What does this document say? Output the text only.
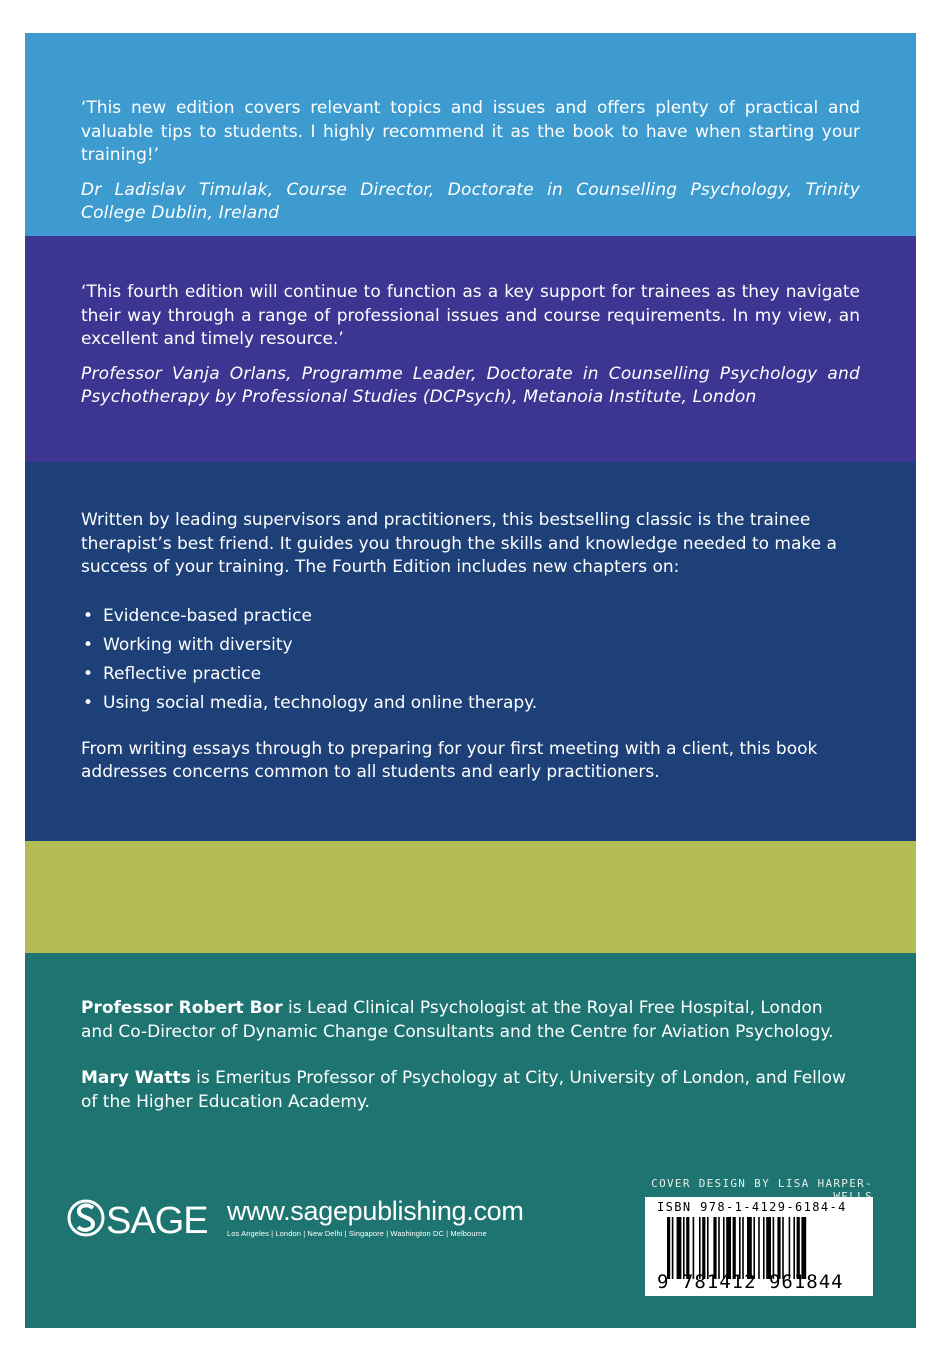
‘This new edition covers relevant topics and issues and offers plenty of practical and valuable tips to students. I highly recommend it as the book to have when starting your training!’

Dr Ladislav Timulak, Course Director, Doctorate in Counselling Psychology, Trinity College Dublin, Ireland

‘This fourth edition will continue to function as a key support for trainees as they navigate their way through a range of professional issues and course requirements. In my view, an excellent and timely resource.’

Professor Vanja Orlans, Programme Leader, Doctorate in Counselling Psychology and Psychotherapy by Professional Studies (DCPsych), Metanoia Institute, London

Written by leading supervisors and practitioners, this bestselling classic is the trainee therapist’s best friend. It guides you through the skills and knowledge needed to make a success of your training. The Fourth Edition includes new chapters on:

• Evidence-based practice
• Working with diversity
• Reflective practice
• Using social media, technology and online therapy.

From writing essays through to preparing for your first meeting with a client, this book addresses concerns common to all students and early practitioners.

Professor Robert Bor is Lead Clinical Psychologist at the Royal Free Hospital, London and Co-Director of Dynamic Change Consultants and the Centre for Aviation Psychology.

Mary Watts is Emeritus Professor of Psychology at City, University of London, and Fellow of the Higher Education Academy.

SAGE www.sagepublishing.com
Los Angeles | London | New Delhi | Singapore | Washington DC | Melbourne
COVER DESIGN BY LISA HARPER-
ISBN 978-1-4129-6184-4
9 781412 961844
